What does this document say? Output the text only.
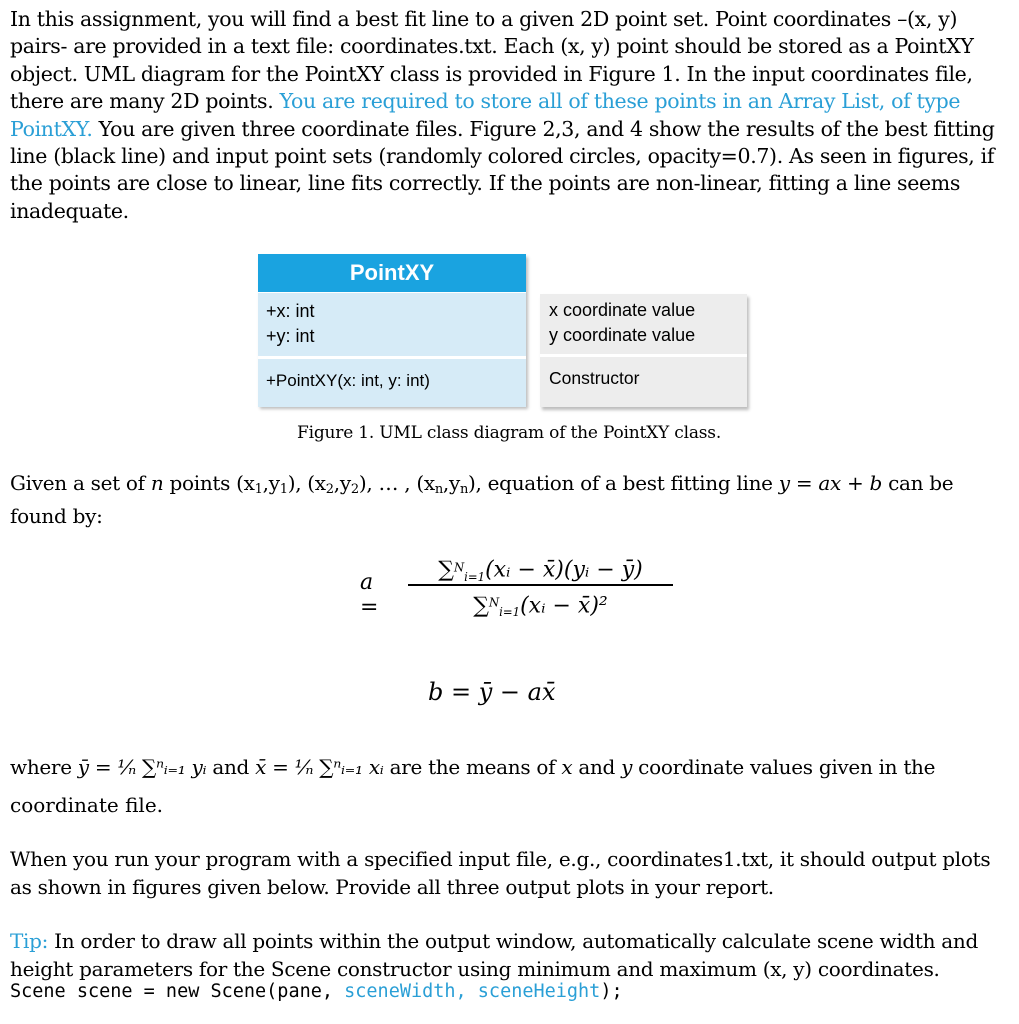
In this assignment, you will find a best fit line to a given 2D point set. Point coordinates –(x, y) pairs- are provided in a text file: coordinates.txt. Each (x, y) point should be stored as a PointXY object. UML diagram for the PointXY class is provided in Figure 1. In the input coordinates file, there are many 2D points. You are required to store all of these points in an Array List, of type PointXY. You are given three coordinate files. Figure 2,3, and 4 show the results of the best fitting line (black line) and input point sets (randomly colored circles, opacity=0.7). As seen in figures, if the points are close to linear, line fits correctly. If the points are non-linear, fitting a line seems inadequate.
PointXY
+x: int
+y: int
+PointXY(x: int, y: int)
x coordinate value
y coordinate value
Constructor
Figure 1. UML class diagram of the PointXY class.
Given a set of n points $(x_1,y_1)$, $(x_2,y_2)$, … , $(x_n,y_n)$, equation of a best fitting line y = ax + b can be found by:
a =
∑$^N_{i=1}$(xᵢ − x̄)(yᵢ − ȳ)
∑$^N_{i=1}$(xᵢ − x̄)²
b = ȳ − ax̄
where ȳ = ¹⁄ₙ ∑ⁿᵢ₌₁ yᵢ and x̄ = ¹⁄ₙ ∑ⁿᵢ₌₁ xᵢ are the means of x and y coordinate values given in the
coordinate file.
When you run your program with a specified input file, e.g., coordinates1.txt, it should output plots as shown in figures given below. Provide all three output plots in your report.
Tip: In order to draw all points within the output window, automatically calculate scene width and height parameters for the Scene constructor using minimum and maximum (x, y) coordinates.
Scene scene = new Scene(pane, sceneWidth, sceneHeight);
